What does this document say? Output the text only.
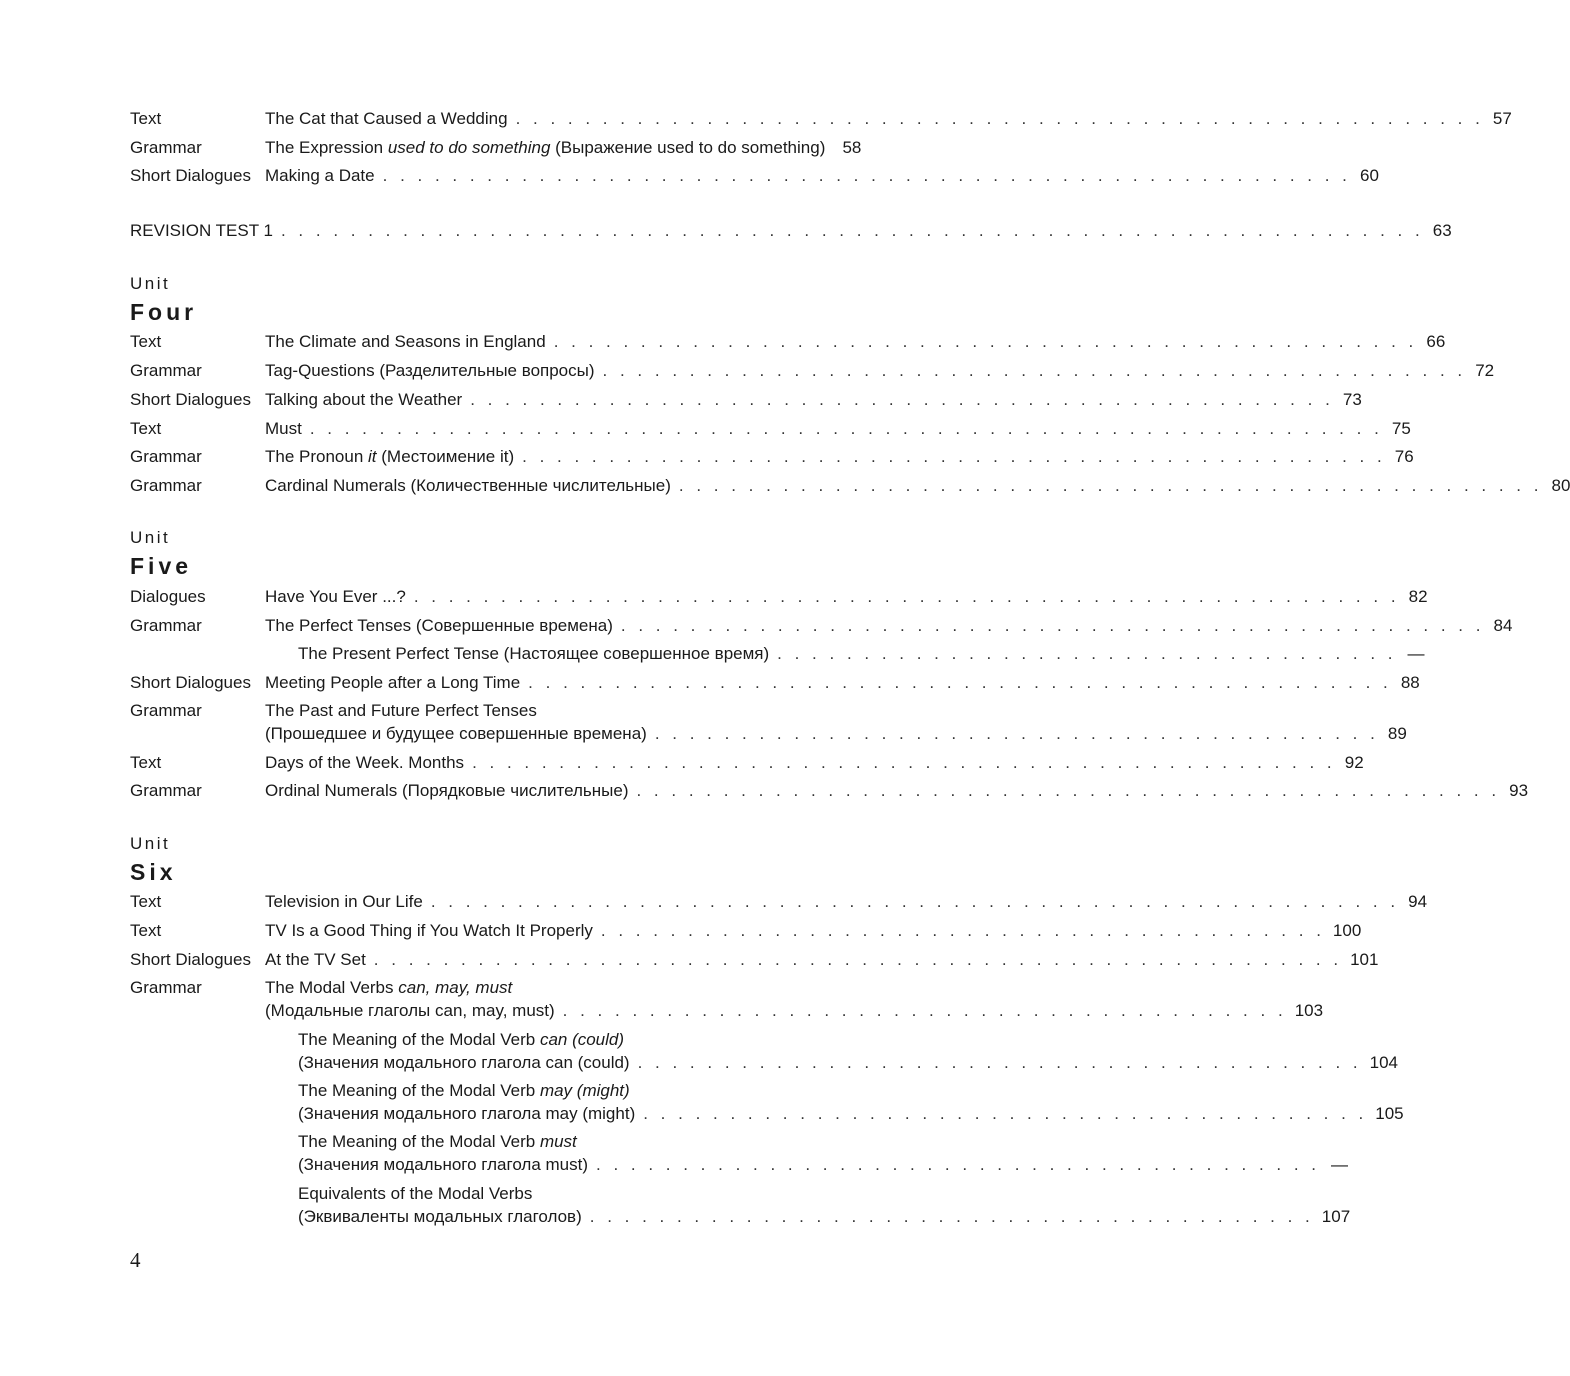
Text	The Cat that Caused a Wedding . . . . . . . . . . . . . . . . . . . . . . . . . . . . . . . . . . . . . . . . . . . . . . . . . . . . . . . . 57
Grammar	The Expression used to do something (Выражение used to do something)	58
Short Dialogues Making a Date . . . . . . . . . . . . . . . . . . . . . . . . . . . . . . . . . . . . . . . . . . . . . . . . . . . . . . . . 60
REVISION TEST 1 . . . . . . . . . . . . . . . . . . . . . . . . . . . . . . . . . . . . . . . . . . . . . . . . . . . . . . . . . . . . . . . . . . 63
Unit
Four
Text	The Climate and Seasons in England . . . . . . . . . . . . . . . . . . . . . . . . . . . . . . . . . . . . . . . . . . . . . . . . . . 66
Grammar	Tag-Questions (Разделительные вопросы) . . . . . . . . . . . . . . . . . . . . . . . . . . . . . . . . . . . . . . . . . . . . . . . . . . 72
Short Dialogues Talking about the Weather . . . . . . . . . . . . . . . . . . . . . . . . . . . . . . . . . . . . . . . . . . . . . . . . . . 73
Text	Must . . . . . . . . . . . . . . . . . . . . . . . . . . . . . . . . . . . . . . . . . . . . . . . . . . . . . . . . . . . . . . 75
Grammar	The Pronoun it (Местоимение it) . . . . . . . . . . . . . . . . . . . . . . . . . . . . . . . . . . . . . . . . . . . . . . . . . . 76
Grammar	Cardinal Numerals (Количественные числительные) . . . . . . . . . . . . . . . . . . . . . . . . . . . . . . . . . . . . . . . . . . . . . . . . . . 80
Unit
Five
Dialogues	Have You Ever ...? . . . . . . . . . . . . . . . . . . . . . . . . . . . . . . . . . . . . . . . . . . . . . . . . . . . . . . . . . 82
Grammar	The Perfect Tenses (Совершенные времена) . . . . . . . . . . . . . . . . . . . . . . . . . . . . . . . . . . . . . . . . . . . . . . . . . . 84
The Present Perfect Tense (Настоящее совершенное время) . . . . . . . . . . . . . . . . . . . . . . . . . . . . . . . . . . . . —
Short Dialogues Meeting People after a Long Time . . . . . . . . . . . . . . . . . . . . . . . . . . . . . . . . . . . . . . . . . . . . . . . . . . 88
Grammar	The Past and Future Perfect Tenses
(Прошедшее и будущее совершенные времена) . . . . . . . . . . . . . . . . . . . . . . . . . . . . . . . . . . . . . . . . . . 89
Text	Days of the Week. Months . . . . . . . . . . . . . . . . . . . . . . . . . . . . . . . . . . . . . . . . . . . . . . . . . . 92
Grammar	Ordinal Numerals (Порядковые числительные) . . . . . . . . . . . . . . . . . . . . . . . . . . . . . . . . . . . . . . . . . . . . . . . . . . 93
Unit
Six
Text	Television in Our Life . . . . . . . . . . . . . . . . . . . . . . . . . . . . . . . . . . . . . . . . . . . . . . . . . . . . . . . . 94
Text	TV Is a Good Thing if You Watch It Properly . . . . . . . . . . . . . . . . . . . . . . . . . . . . . . . . . . . . . . . . . . 100
Short Dialogues At the TV Set . . . . . . . . . . . . . . . . . . . . . . . . . . . . . . . . . . . . . . . . . . . . . . . . . . . . . . . . 101
Grammar	The Modal Verbs can, may, must
(Модальные глаголы can, may, must) . . . . . . . . . . . . . . . . . . . . . . . . . . . . . . . . . . . . . . . . . . 103
The Meaning of the Modal Verb can (could)
(Значения модального глагола can (could) . . . . . . . . . . . . . . . . . . . . . . . . . . . . . . . . . . . . . . . . . . 104
The Meaning of the Modal Verb may (might)
(Значения модального глагола may (might) . . . . . . . . . . . . . . . . . . . . . . . . . . . . . . . . . . . . . . . . . . 105
The Meaning of the Modal Verb must
(Значения модального глагола must) . . . . . . . . . . . . . . . . . . . . . . . . . . . . . . . . . . . . . . . . . . —
Equivalents of the Modal Verbs
(Эквиваленты модальных глаголов) . . . . . . . . . . . . . . . . . . . . . . . . . . . . . . . . . . . . . . . . . . 107
4
